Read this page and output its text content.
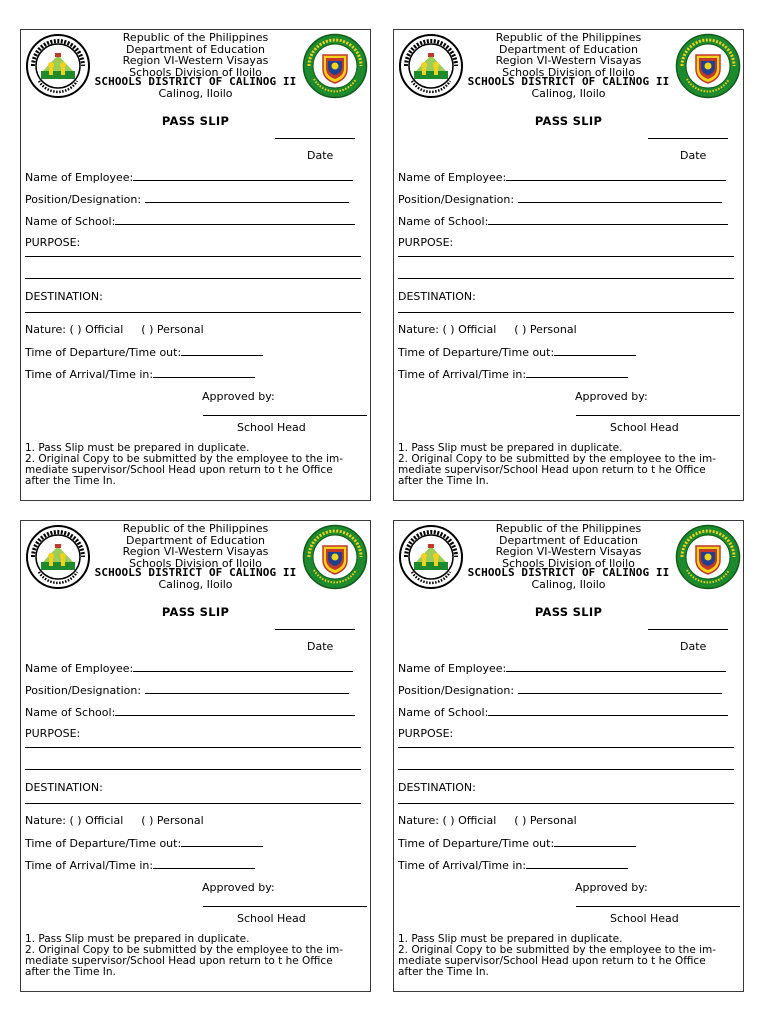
Republic of the Philippines
Department of Education
Region VI-Western Visayas
Schools Division of Iloilo
SCHOOLS DISTRICT OF CALINOG II
Calinog, Iloilo
PASS SLIP
Date
Name of Employee:
Position/Designation:
Name of School:
PURPOSE:
DESTINATION:
Nature: ( ) Official ( ) Personal
Time of Departure/Time out:
Time of Arrival/Time in:
Approved by:
School Head
1. Pass Slip must be prepared in duplicate.
2. Original Copy to be submitted by the employee to the im-
mediate supervisor/School Head upon return to t he Office
after the Time In.
Republic of the Philippines
Department of Education
Region VI-Western Visayas
Schools Division of Iloilo
SCHOOLS DISTRICT OF CALINOG II
Calinog, Iloilo
PASS SLIP
Date
Name of Employee:
Position/Designation:
Name of School:
PURPOSE:
DESTINATION:
Nature: ( ) Official ( ) Personal
Time of Departure/Time out:
Time of Arrival/Time in:
Approved by:
School Head
1. Pass Slip must be prepared in duplicate.
2. Original Copy to be submitted by the employee to the im-
mediate supervisor/School Head upon return to t he Office
after the Time In.
Republic of the Philippines
Department of Education
Region VI-Western Visayas
Schools Division of Iloilo
SCHOOLS DISTRICT OF CALINOG II
Calinog, Iloilo
PASS SLIP
Date
Name of Employee:
Position/Designation:
Name of School:
PURPOSE:
DESTINATION:
Nature: ( ) Official ( ) Personal
Time of Departure/Time out:
Time of Arrival/Time in:
Approved by:
School Head
1. Pass Slip must be prepared in duplicate.
2. Original Copy to be submitted by the employee to the im-
mediate supervisor/School Head upon return to t he Office
after the Time In.
Republic of the Philippines
Department of Education
Region VI-Western Visayas
Schools Division of Iloilo
SCHOOLS DISTRICT OF CALINOG II
Calinog, Iloilo
PASS SLIP
Date
Name of Employee:
Position/Designation:
Name of School:
PURPOSE:
DESTINATION:
Nature: ( ) Official ( ) Personal
Time of Departure/Time out:
Time of Arrival/Time in:
Approved by:
School Head
1. Pass Slip must be prepared in duplicate.
2. Original Copy to be submitted by the employee to the im-
mediate supervisor/School Head upon return to t he Office
after the Time In.
